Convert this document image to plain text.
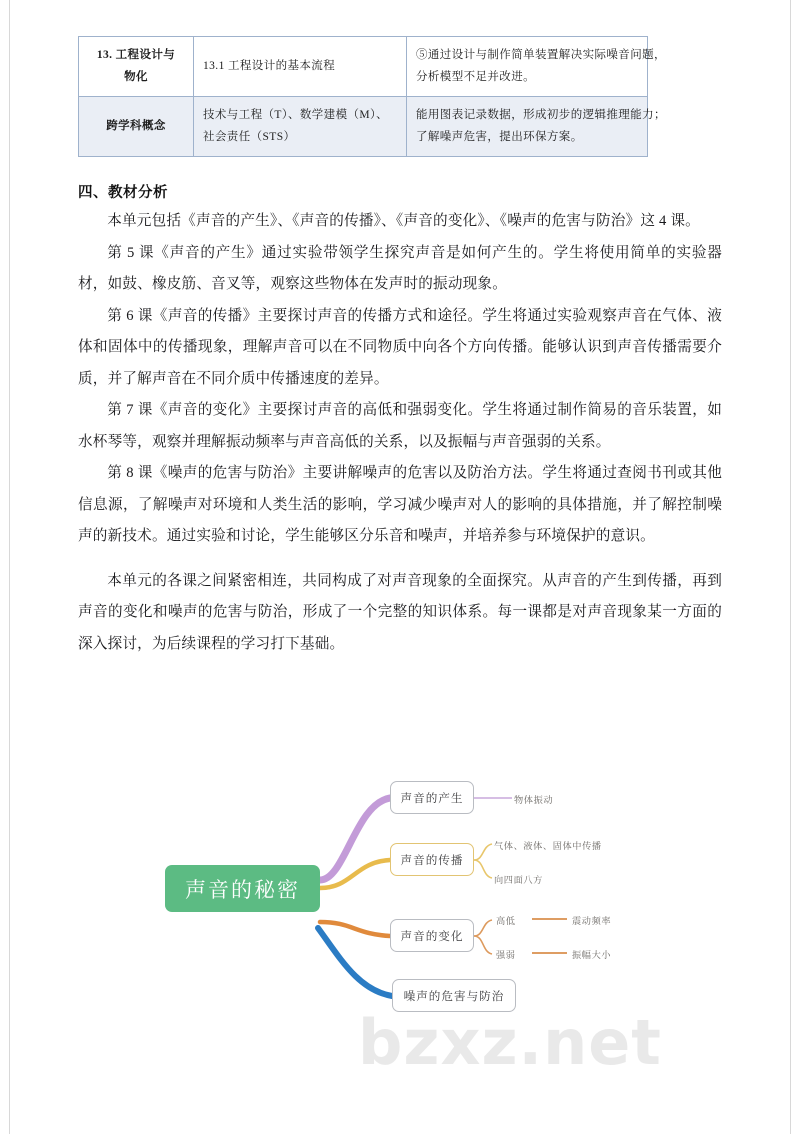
13. 工程设计与
物化	13.1 工程设计的基本流程	⑤通过设计与制作简单装置解决实际噪音问题，
分析模型不足并改进。

跨学科概念	技术与工程（T）、数学建模（M）、
社会责任（STS）	能用图表记录数据，形成初步的逻辑推理能力；
了解噪声危害，提出环保方案。
四、教材分析

本单元包括《声音的产生》、《声音的传播》、《声音的变化》、《噪声的危害与防治》这 4 课。

第 5 课《声音的产生》通过实验带领学生探究声音是如何产生的。学生将使用简单的实验器材，如鼓、橡皮筋、音叉等，观察这些物体在发声时的振动现象。

第 6 课《声音的传播》主要探讨声音的传播方式和途径。学生将通过实验观察声音在气体、液体和固体中的传播现象，理解声音可以在不同物质中向各个方向传播。能够认识到声音传播需要介质，并了解声音在不同介质中传播速度的差异。

第 7 课《声音的变化》主要探讨声音的高低和强弱变化。学生将通过制作简易的音乐装置，如水杯琴等，观察并理解振动频率与声音高低的关系，以及振幅与声音强弱的关系。

第 8 课《噪声的危害与防治》主要讲解噪声的危害以及防治方法。学生将通过查阅书刊或其他信息源，了解噪声对环境和人类生活的影响，学习减少噪声对人的影响的具体措施，并了解控制噪声的新技术。通过实验和讨论，学生能够区分乐音和噪声，并培养参与环境保护的意识。

本单元的各课之间紧密相连，共同构成了对声音现象的全面探究。从声音的产生到传播，再到声音的变化和噪声的危害与防治，形成了一个完整的知识体系。每一课都是对声音现象某一方面的深入探讨，为后续课程的学习打下基础。

声音的秘密
声音的产生
声音的传播
声音的变化
噪声的危害与防治
物体振动
气体、液体、固体中传播
向四面八方
高低
强弱
震动频率
振幅大小
bzxz.net
